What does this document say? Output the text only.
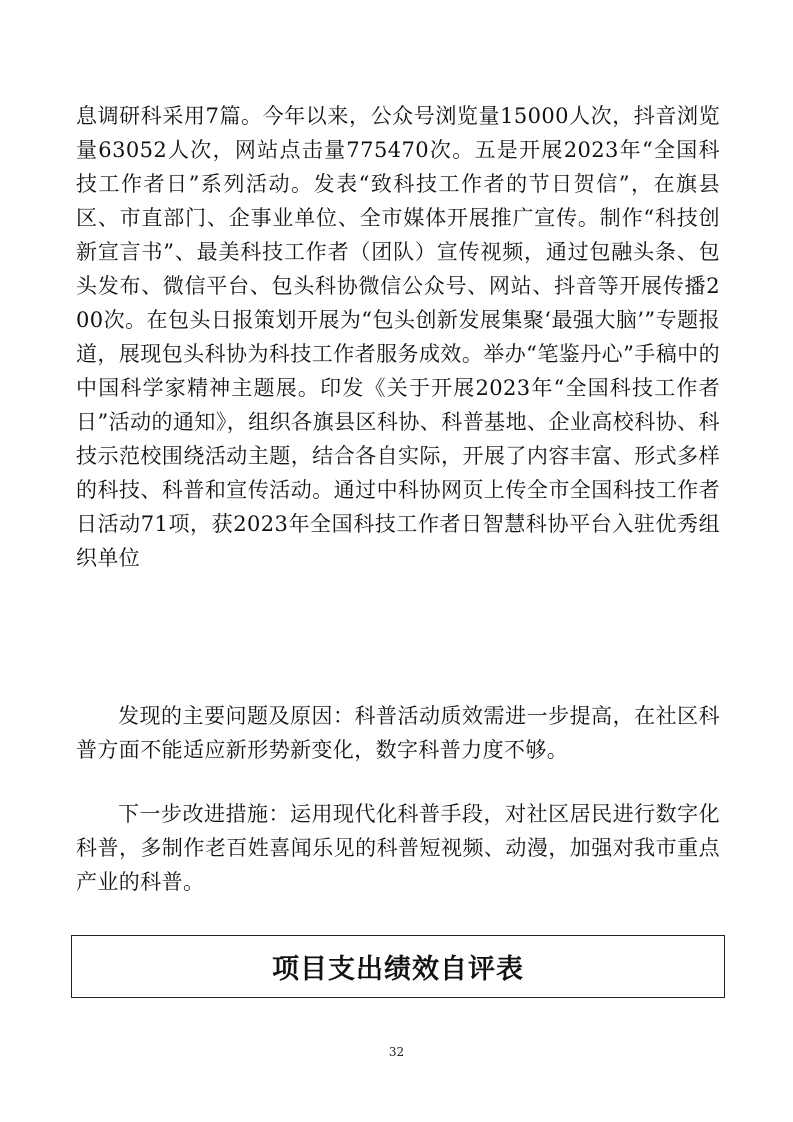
息调研科采用7篇。今年以来，公众号浏览量15000人次，抖音浏览量63052人次，网站点击量775470次。五是开展2023年“全国科技工作者日”系列活动。发表“致科技工作者的节日贺信”，在旗县区、市直部门、企事业单位、全市媒体开展推广宣传。制作“科技创新宣言书”、最美科技工作者（团队）宣传视频，通过包融头条、包头发布、微信平台、包头科协微信公众号、网站、抖音等开展传播200次。在包头日报策划开展为“包头创新发展集聚‘最强大脑’”专题报道，展现包头科协为科技工作者服务成效。举办“笔鉴丹心”手稿中的中国科学家精神主题展。印发《关于开展2023年“全国科技工作者日”活动的通知》，组织各旗县区科协、科普基地、企业高校科协、科技示范校围绕活动主题，结合各自实际，开展了内容丰富、形式多样的科技、科普和宣传活动。通过中科协网页上传全市全国科技工作者日活动71项，获2023年全国科技工作者日智慧科协平台入驻优秀组织单位

发现的主要问题及原因：科普活动质效需进一步提高，在社区科普方面不能适应新形势新变化，数字科普力度不够。

下一步改进措施：运用现代化科普手段，对社区居民进行数字化科普，多制作老百姓喜闻乐见的科普短视频、动漫，加强对我市重点产业的科普。

项目支出绩效自评表
32
